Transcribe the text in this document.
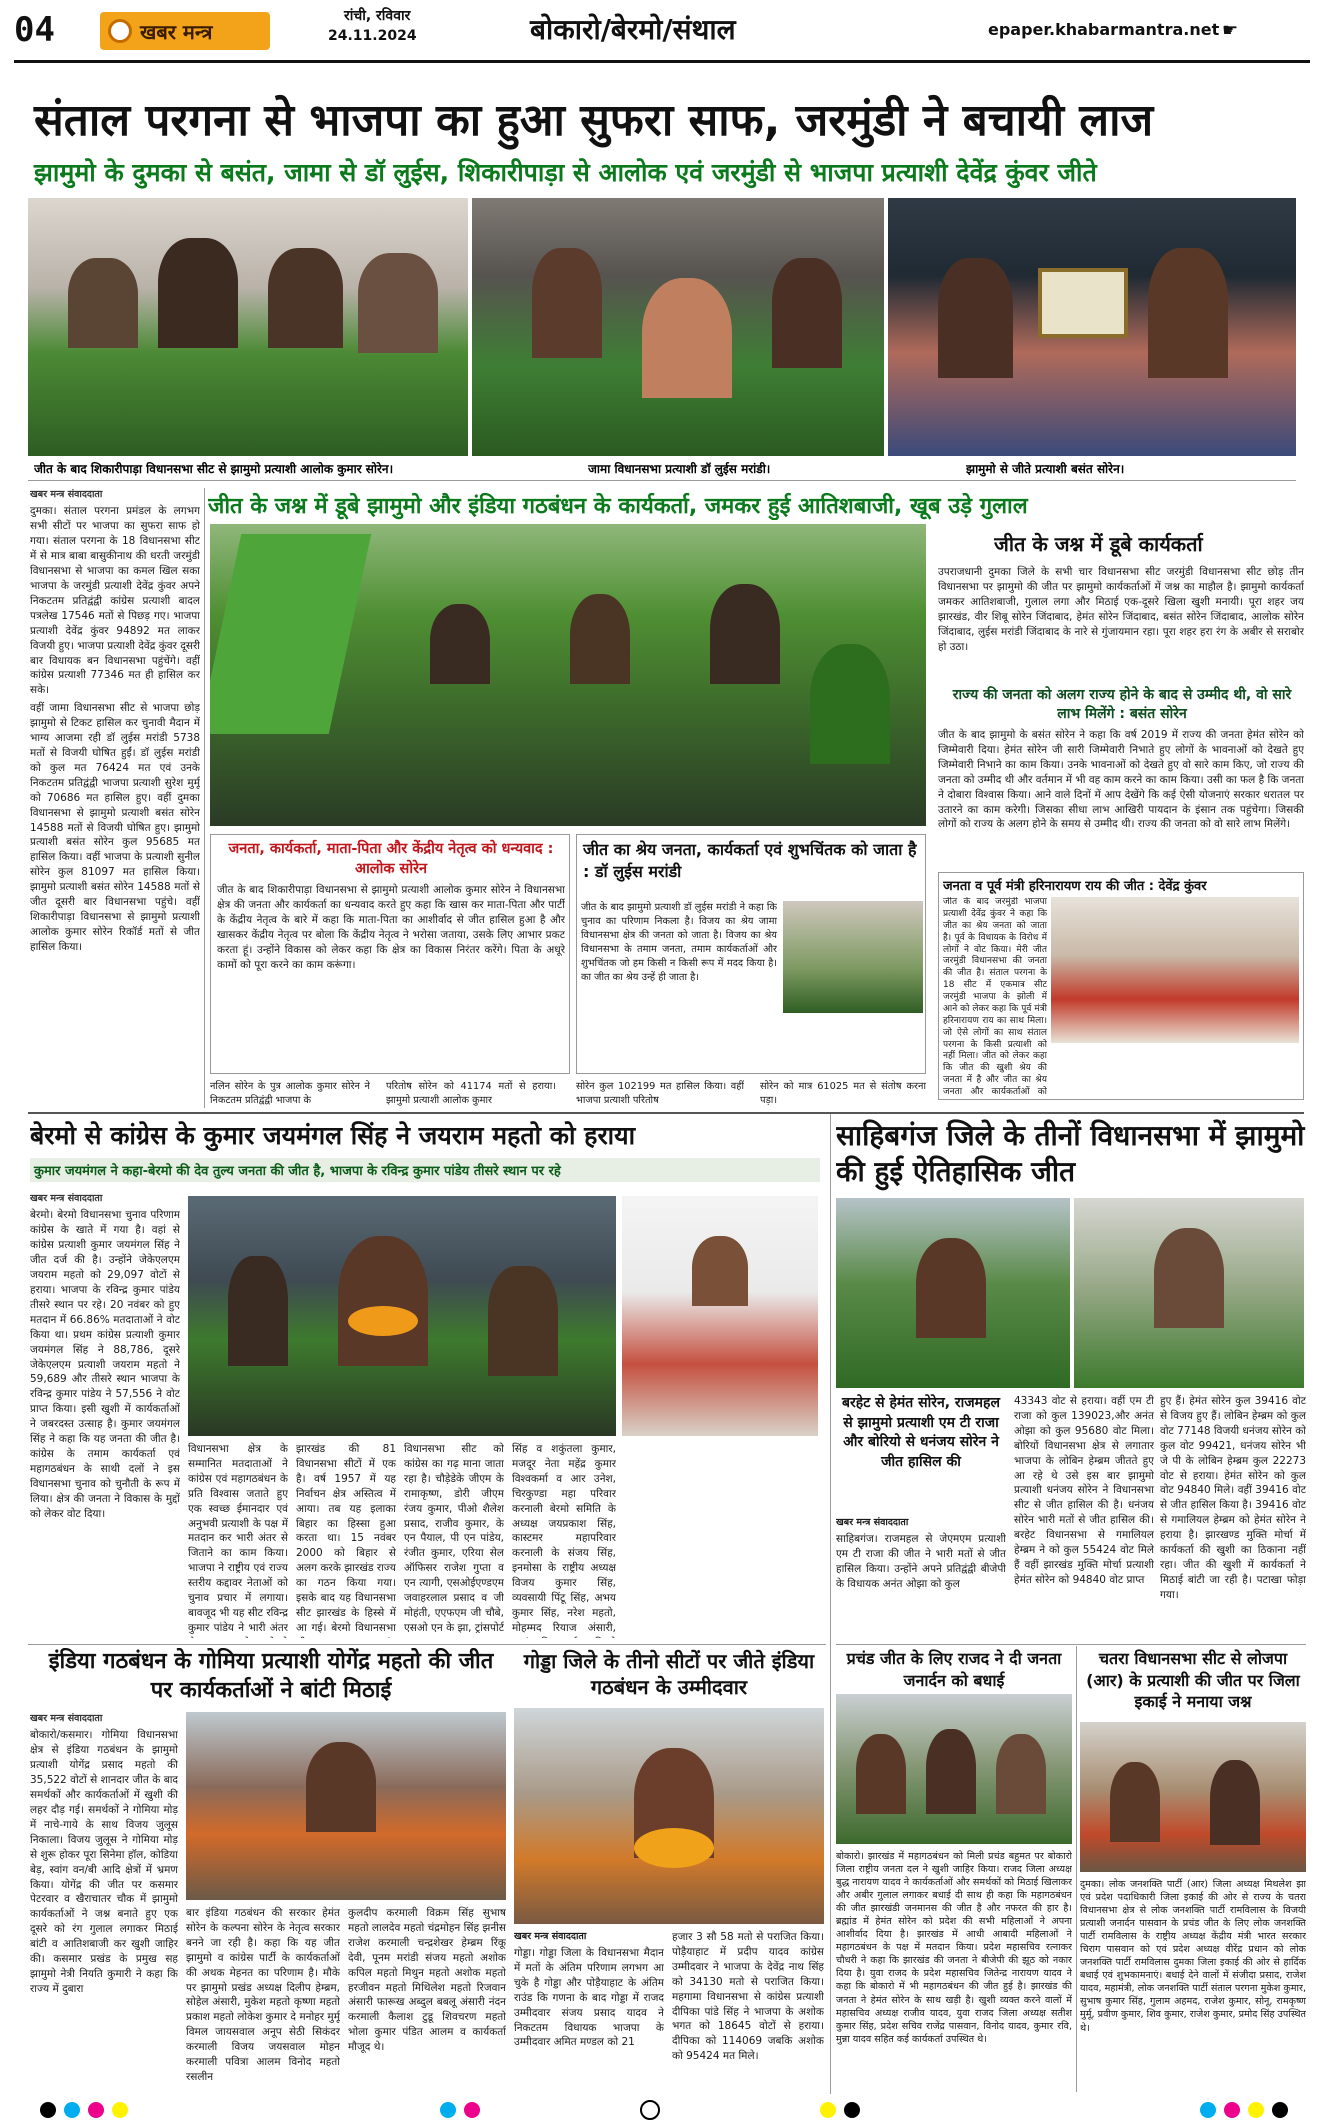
04	खबर मन्त्र
रांची, रविवार
24.11.2024	बोकारो/बेरमो/संथाल	epaper.khabarmantra.net ☛
संताल परगना से भाजपा का हुआ सुफरा साफ, जरमुंडी ने बचायी लाज
झामुमो के दुमका से बसंत, जामा से डॉ लुईस, शिकारीपाड़ा से आलोक एवं जरमुंडी से भाजपा प्रत्याशी देवेंद्र कुंवर जीते
जीत के बाद शिकारीपाड़ा विधानसभा सीट से झामुमो प्रत्याशी आलोक कुमार सोरेन।	जामा विधानसभा प्रत्याशी डॉ लुईस मरांडी।	झामुमो से जीते प्रत्याशी बसंत सोरेन।
खबर मन्त्र संवाददाता

दुमका। संताल परगना प्रमंडल के लगभग सभी सीटों पर भाजपा का सुफरा साफ हो गया। संताल परगना के 18 विधानसभा सीट में से मात्र बाबा बासुकीनाथ की धरती जरमुंडी विधानसभा से भाजपा का कमल खिल सका भाजपा के जरमुंडी प्रत्याशी देवेंद्र कुंवर अपने निकटतम प्रतिद्वंद्वी कांग्रेस प्रत्याशी बादल पत्रलेख 17546 मतों से पिछड़ गए। भाजपा प्रत्याशी देवेंद्र कुंवर 94892 मत लाकर विजयी हुए। भाजपा प्रत्याशी देवेंद्र कुंवर दूसरी बार विधायक बन विधानसभा पहुंचेंगे। वहीं कांग्रेस प्रत्याशी 77346 मत ही हासिल कर सके।

वहीं जामा विधानसभा सीट से भाजपा छोड़ झामुमो से टिकट हासिल कर चुनावी मैदान में भाग्य आजमा रही डॉ लुईस मरांडी 5738 मतों से विजयी घोषित हुईं। डॉ लुईस मरांडी को कुल मत 76424 मत एवं उनके निकटतम प्रतिद्वंद्वी भाजपा प्रत्याशी सुरेश मुर्मू को 70686 मत हासिल हुए। वहीं दुमका विधानसभा से झामुमो प्रत्याशी बसंत सोरेन 14588 मतों से विजयी घोषित हुए। झामुमो प्रत्याशी बसंत सोरेन कुल 95685 मत हासिल किया। वहीं भाजपा के प्रत्याशी सुनील सोरेन कुल 81097 मत हासिल किया। झामुमो प्रत्याशी बसंत सोरेन 14588 मतों से जीत दूसरी बार विधानसभा पहुंचे। वहीं शिकारीपाड़ा विधानसभा से झामुमो प्रत्याशी आलोक कुमार सोरेन रिकॉर्ड मतों से जीत हासिल किया।

जीत के जश्न में डूबे झामुमो और इंडिया गठबंधन के कार्यकर्ता, जमकर हुई आतिशबाजी, खूब उड़े गुलाल
जीत के जश्न में डूबे कार्यकर्ता
उपराजधानी दुमका जिले के सभी चार विधानसभा सीट जरमुंडी विधानसभा सीट छोड़ तीन विधानसभा पर झामुमो की जीत पर झामुमो कार्यकर्ताओं में जश्न का माहौल है। झामुमो कार्यकर्ता जमकर आतिशबाजी, गुलाल लगा और मिठाई एक-दूसरे खिला खुशी मनायी। पूरा शहर जय झारखंड, वीर शिबू सोरेन जिंदाबाद, हेमंत सोरेन जिंदाबाद, बसंत सोरेन जिंदाबाद, आलोक सोरेन जिंदाबाद, लुईस मरांडी जिंदाबाद के नारे से गुंजायमान रहा। पूरा शहर हरा रंग के अबीर से सराबोर हो उठा।
राज्य की जनता को अलग राज्य होने के बाद से उम्मीद थी, वो सारे लाभ मिलेंगे : बसंत सोरेन
जीत के बाद झामुमो के बसंत सोरेन ने कहा कि वर्ष 2019 में राज्य की जनता हेमंत सोरेन को जिम्मेवारी दिया। हेमंत सोरेन जी सारी जिम्मेवारी निभाते हुए लोगों के भावनाओं को देखते हुए जिम्मेवारी निभाने का काम किया। उनके भावनाओं को देखते हुए वो सारे काम किए, जो राज्य की जनता को उम्मीद थी और वर्तमान में भी वह काम करने का काम किया। उसी का फल है कि जनता ने दोबारा विश्वास किया। आने वाले दिनों में आप देखेंगे कि कई ऐसी योजनाएं सरकार धरातल पर उतारने का काम करेगी। जिसका सीधा लाभ आखिरी पायदान के इंसान तक पहुंचेगा। जिसकी लोगों को राज्य के अलग होने के समय से उम्मीद थी। राज्य की जनता को वो सारे लाभ मिलेंगे।
जनता, कार्यकर्ता, माता-पिता और केंद्रीय नेतृत्व को धन्यवाद : आलोक सोरेन
जीत के बाद शिकारीपाड़ा विधानसभा से झामुमो प्रत्याशी आलोक कुमार सोरेन ने विधानसभा क्षेत्र की जनता और कार्यकर्ता का धन्यवाद करते हुए कहा कि खास कर माता-पिता और पार्टी के केंद्रीय नेतृत्व के बारे में कहा कि माता-पिता का आशीर्वाद से जीत हासिल हुआ है और खासकर केंद्रीय नेतृत्व पर बोला कि केंद्रीय नेतृत्व ने भरोसा जताया, उसके लिए आभार प्रकट करता हूं। उन्होंने विकास को लेकर कहा कि क्षेत्र का विकास निरंतर करेंगे। पिता के अधूरे कामों को पूरा करने का काम करूंगा।
जीत का श्रेय जनता, कार्यकर्ता एवं शुभचिंतक को जाता है : डॉ लुईस मरांडी
जीत के बाद झामुमो प्रत्याशी डॉ लुईस मरांडी ने कहा कि चुनाव का परिणाम निकला है। विजय का श्रेय जामा विधानसभा क्षेत्र की जनता को जाता है। विजय का श्रेय विधानसभा के तमाम जनता, तमाम कार्यकर्ताओं और शुभचिंतक जो हम किसी न किसी रूप में मदद किया है। का जीत का श्रेय उन्हें ही जाता है।
जनता व पूर्व मंत्री हरिनारायण राय की जीत : देवेंद्र कुंवर
जीत के बाद जरमुंडी भाजपा प्रत्याशी देवेंद्र कुंवर ने कहा कि जीत का श्रेय जनता को जाता है। पूर्व के विधायक के विरोध में लोगों ने वोट किया। मेरी जीत जरमुंडी विधानसभा की जनता की जीत है। संताल परगना के 18 सीट में एकमात्र सीट जरमुंडी भाजपा के झोली में आने को लेकर कहा कि पूर्व मंत्री हरिनारायण राय का साथ मिला। जो ऐसे लोगों का साथ संताल परगना के किसी प्रत्याशी को नहीं मिला। जीत को लेकर कहा कि जीत की खुशी श्रेय की जनता में है और जीत का श्रेय जनता और कार्यकर्ताओं को
नलिन सोरेन के पुत्र आलोक कुमार सोरेन ने निकटतम प्रतिद्वंद्वी भाजपा के
परितोष सोरेन को 41174 मतों से हराया। झामुमो प्रत्याशी आलोक कुमार
सोरेन कुल 102199 मत हासिल किया। वहीं भाजपा प्रत्याशी परितोष
सोरेन को मात्र 61025 मत से संतोष करना पड़ा।
बेरमो से कांग्रेस के कुमार जयमंगल सिंह ने जयराम महतो को हराया
कुमार जयमंगल ने कहा-बेरमो की देव तुल्य जनता की जीत है, भाजपा के रविन्द्र कुमार पांडेय तीसरे स्थान पर रहे
खबर मन्त्र संवाददाता

बेरमो। बेरमो विधानसभा चुनाव परिणाम कांग्रेस के खाते में गया है। वहां से कांग्रेस प्रत्याशी कुमार जयमंगल सिंह ने जीत दर्ज की है। उन्होंने जेकेएलएम जयराम महतो को 29,097 वोटों से हराया। भाजपा के रविन्द्र कुमार पांडेय तीसरे स्थान पर रहे। 20 नवंबर को हुए मतदान में 66.86% मतदाताओं ने वोट किया था। प्रथम कांग्रेस प्रत्याशी कुमार जयमंगल सिंह ने 88,786, दूसरे जेकेएलएम प्रत्याशी जयराम महतो ने 59,689 और तीसरे स्थान भाजपा के रविन्द्र कुमार पांडेय ने 57,556 ने वोट प्राप्त किया। इसी खुशी में कार्यकर्ताओं ने जबरदस्त उत्साह है। कुमार जयमंगल सिंह ने कहा कि यह जनता की जीत है। कांग्रेस के तमाम कार्यकर्ता एवं महागठबंधन के साथी दलों ने इस विधानसभा चुनाव को चुनौती के रूप में लिया। क्षेत्र की जनता ने विकास के मुद्दों को लेकर वोट दिया।

विधानसभा क्षेत्र के सम्मानित मतदाताओं ने कांग्रेस एवं महागठबंधन के प्रति विश्वास जताते हुए एक स्वच्छ ईमानदार एवं अनुभवी प्रत्याशी के पक्ष में मतदान कर भारी अंतर से जिताने का काम किया। भाजपा ने राष्ट्रीय एवं राज्य स्तरीय कद्दावर नेताओं को चुनाव प्रचार में लगाया। बावजूद भी यह सीट रविन्द्र कुमार पांडेय ने भारी अंतर
झारखंड की 81 विधानसभा सीटों में एक है। वर्ष 1957 में यह निर्वाचन क्षेत्र अस्तित्व में आया। तब यह इलाका बिहार का हिस्सा हुआ करता था। 15 नवंबर 2000 को बिहार से अलग करके झारखंड राज्य का गठन किया गया। इसके बाद यह विधानसभा सीट झारखंड के हिस्से में आ गई। बेरमो विधानसभा
विधानसभा सीट को कांग्रेस का गढ़ माना जाता रहा है। चौड़ेडेके जीएम के रामाकृष्ण, डोरी जीएम रंजय कुमार, पीओ शैलेश प्रसाद, राजीव कुमार, के एन पैयाल, पी एन पांडेय, रंजीत कुमार, एरिया सेल ऑफिसर राजेश गुप्ता व एन त्यागी, एसओईएण्डएम जवाहरलाल प्रसाद व जी मोहंती, एएफएम जी चौबे, एसओ एन के झा, ट्रांसपोर्ट
सिंह व शकुंतला कुमार, मजदूर नेता महेंद्र कुमार विश्वकर्मा व आर उनेश, चिरकुण्डा महा परिवार करनाली बेरमो समिति के अध्यक्ष जयप्रकाश सिंह, कास्टमर महापरिवार करनाली के संजय सिंह, इनमोसा के राष्ट्रीय अध्यक्ष विजय कुमार सिंह, व्यवसायी पिंटू सिंह, अभय कुमार सिंह, नरेश महतो, मोहम्मद रियाज अंसारी,
इंडिया गठबंधन के गोमिया प्रत्याशी योगेंद्र महतो की जीत पर कार्यकर्ताओं ने बांटी मिठाई
खबर मन्त्र संवाददाता

बोकारो/कसमार। गोमिया विधानसभा क्षेत्र से इंडिया गठबंधन के झामुमो प्रत्याशी योगेंद्र प्रसाद महतो की 35,522 वोटों से शानदार जीत के बाद समर्थकों और कार्यकर्ताओं में खुशी की लहर दौड़ गई। समर्थकों ने गोमिया मोड़ में नाचे-गाये के साथ विजय जुलूस निकाला। विजय जुलूस ने गोमिया मोड़ से शुरू होकर पूरा सिनेमा हॉल, कोडिया बेड़, स्वांग वन/बी आदि क्षेत्रों में भ्रमण किया। योगेंद्र की जीत पर कसमार पेटरवार व खैराचातर चौक में झामुमो कार्यकर्ताओं ने जश्न बनाते हुए एक दूसरे को रंग गुलाल लगाकर मिठाई बांटी व आतिशबाजी कर खुशी जाहिर की। कसमार प्रखंड के प्रमुख सह झामुमो नेत्री नियति कुमारी ने कहा कि राज्य में दुबारा

बार इंडिया गठबंधन की सरकार हेमंत सोरेन के कल्पना सोरेन के नेतृत्व सरकार बनने जा रही है। कहा कि यह जीत झामुमो व कांग्रेस पार्टी के कार्यकर्ताओं की अथक मेहनत का परिणाम है। मौके पर झामुमो प्रखंड अध्यक्ष दिलीप हेम्ब्रम, सोहेल अंसारी, मुकेश महतो कृष्णा महतो प्रकाश महतो लोकेश कुमार दे मनोहर मुर्मू विमल जायसवाल अनूप सेठी सिकंदर करमाली विजय जयसवाल मोहन करमाली पवित्रा आलम विनोद महतो रसलीन
कुलदीप करमाली विक्रम सिंह सुभाष महतो लालदेव महतो चंद्रमोहन सिंह झनीस राजेश करमाली चन्द्रशेखर हेम्ब्रम रिंकू देवी, पूनम मरांडी संजय महतो अशोक कपिल महतो मिथुन महतो अशोक महतो हरजीवन महतो मिथिलेश महतो रिजवान अंसारी फारूख अब्दुल बबलू अंसारी नंदन करमाली कैलाश टुडू शिवचरण महतो भोला कुमार पंडित आलम व कार्यकर्ता मौजूद थे।
गोड्डा जिले के तीनो सीटों पर जीते इंडिया गठबंधन के उम्मीदवार
खबर मन्त्र संवाददाता
गोड्डा। गोड्डा जिला के विधानसभा मैदान में मतों के अंतिम परिणाम लगभग आ चुके है गोड्डा और पोड़ैयाहाट के अंतिम राउंड कि गणना के बाद गोड्डा में राजद उम्मीदवार संजय प्रसाद यादव ने निकटतम विधायक भाजपा के उम्मीदवार अमित मण्डल को 21
हजार 3 सौ 58 मतो से पराजित किया। पोड़ैयाहाट में प्रदीप यादव कांग्रेस उम्मीदवार ने भाजपा के देवेंद्र नाथ सिंह को 34130 मतो से पराजित किया। महगामा विधानसभा से कांग्रेस प्रत्याशी दीपिका पांडे सिंह ने भाजपा के अशोक भगत को 18645 वोटों से हराया। दीपिका को 114069 जबकि अशोक को 95424 मत मिले।
साहिबगंज जिले के तीनों विधानसभा में झामुमो की हुई ऐतिहासिक जीत
बरहेट से हेमंत सोरेन, राजमहल से झामुमो प्रत्याशी एम टी राजा और बोरियो से धनंजय सोरेन ने जीत हासिल की
खबर मन्त्र संवाददाता
साहिबगंज। राजमहल से जेएमएम प्रत्याशी एम टी राजा की जीत ने भारी मतों से जीत हासिल किया। उन्होंने अपने प्रतिद्वंद्वी बीजेपी के विधायक अनंत ओझा को कुल
43343 वोट से हराया। वहीं एम टी राजा को कुल 139023,और अनंत ओझा को कुल 95680 वोट मिला। बोरियों विधानसभा क्षेत्र से लगातार भाजपा के लोबिन हेम्ब्रम जीतते हुए आ रहे थे उसे इस बार झामुमो प्रत्याशी धनंजय सोरेन ने विधानसभा सीट से जीत हासिल की है। धनंजय सोरेन भारी मतों से जीत हासिल की। बरहेट विधानसभा से गमालियल हेम्ब्रम ने को कुल 55424 वोट मिले हैं वहीं झारखंड मुक्ति मोर्चा प्रत्याशी हेमंत सोरेन को 94840 वोट प्राप्त
हुए हैं। हेमंत सोरेन कुल 39416 वोट से विजय हुए हैं। लोबिन हेम्ब्रम को कुल वोट 77148 विजयी धनंजय सोरेन को कुल वोट 99421, धनंजय सोरेन भी जे पी के लोबिन हेम्ब्रम कुल 22273 वोट से हराया। हेमंत सोरेन को कुल वोट 94840 मिले। वहीं 39416 वोट से जीत हासिल किया है। 39416 वोट से गमालियल हेम्ब्रम को हेमंत सोरेन ने हराया है। झारखण्ड मुक्ति मोर्चा में कार्यकर्ता की खुशी का ठिकाना नहीं रहा। जीत की खुशी में कार्यकर्ता ने मिठाई बांटी जा रही है। पटाखा फोड़ा गया।
प्रचंड जीत के लिए राजद ने दी जनता जनार्दन को बधाई
बोकारो। झारखंड में महागठबंधन को मिली प्रचंड बहुमत पर बोकारो जिला राष्ट्रीय जनता दल ने खुशी जाहिर किया। राजद जिला अध्यक्ष बुद्ध नारायण यादव ने कार्यकर्ताओं और समर्थकों को मिठाई खिलाकर और अबीर गुलाल लगाकर बधाई दी साथ ही कहा कि महागठबंधन की जीत झारखंडी जनमानस की जीत है और नफरत की हार है। ब्रह्मांड में हेमंत सोरेन को प्रदेश की सभी महिलाओं ने अपना आशीर्वाद दिया है। झारखंड में आधी आबादी महिलाओं ने महागठबंधन के पक्ष में मतदान किया। प्रदेश महासचिव रत्नाकर चौधरी ने कहा कि झारखंड की जनता ने बीजेपी की झूठ को नकार दिया है। युवा राजद के प्रदेश महासचिव जितेन्द्र नारायण यादव ने कहा कि बोकारो में भी महागठबंधन की जीत हुई है। झारखंड की जनता ने हेमंत सोरेन के साथ खड़ी है। खुशी व्यक्त करने वालों में महासचिव अध्यक्ष राजीव यादव, युवा राजद जिला अध्यक्ष सतीश कुमार सिंह, प्रदेश सचिव राजेंद्र पासवान, विनोद यादव, कुमार रवि, मुन्ना यादव सहित कई कार्यकर्ता उपस्थित थे।
चतरा विधानसभा सीट से लोजपा (आर) के प्रत्याशी की जीत पर जिला इकाई ने मनाया जश्न
दुमका। लोक जनशक्ति पार्टी (आर) जिला अध्यक्ष मिथलेश झा एवं प्रदेश पदाधिकारी जिला इकाई की ओर से राज्य के चतरा विधानसभा क्षेत्र से लोक जनशक्ति पार्टी रामविलास के विजयी प्रत्याशी जनार्दन पासवान के प्रचंड जीत के लिए लोक जनशक्ति पार्टी रामविलास के राष्ट्रीय अध्यक्ष केंद्रीय मंत्री भारत सरकार चिराग पासवान को एवं प्रदेश अध्यक्ष वीरेंद्र प्रधान को लोक जनशक्ति पार्टी रामविलास दुमका जिला इकाई की ओर से हार्दिक बधाई एवं शुभकामनाएं। बधाई देने वालों में संजीदा प्रसाद, राजेश यादव, महामंत्री, लोक जनशक्ति पार्टी संताल परगना मुकेश कुमार, सुभाष कुमार सिंह, गुलाम अहमद, राजेश कुमार, सोनू, रामकृष्ण मुर्मू, प्रवीण कुमार, शिव कुमार, राजेश कुमार, प्रमोद सिंह उपस्थित थे।
